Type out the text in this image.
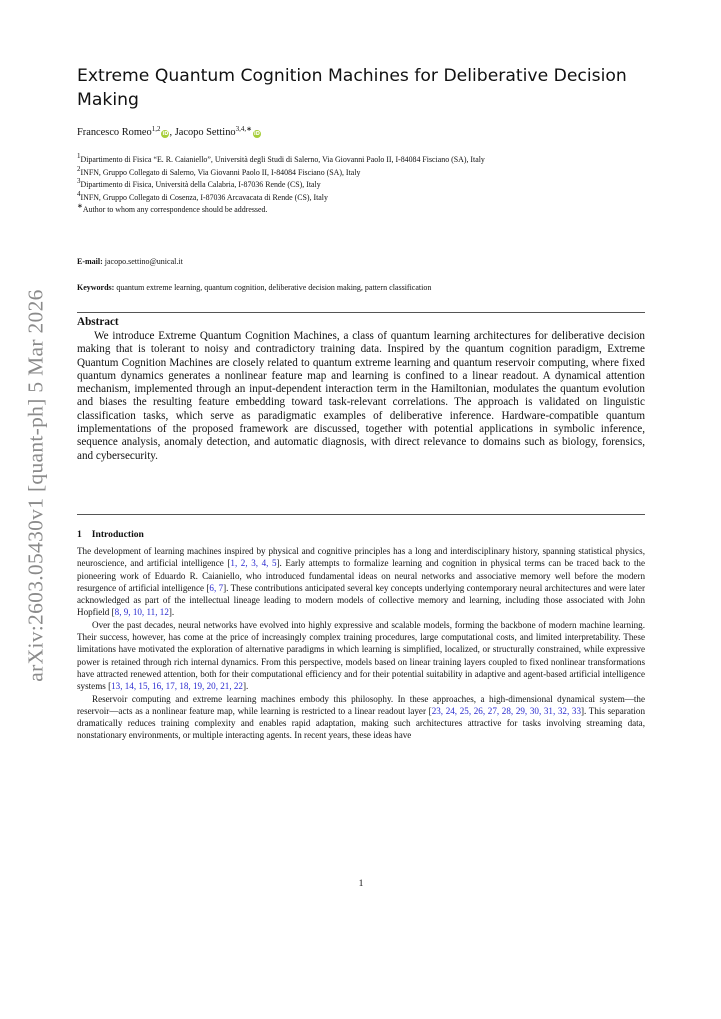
arXiv:2603.05430v1 [quant-ph] 5 Mar 2026
Extreme Quantum Cognition Machines for Deliberative Decision Making
Francesco Romeo$^{1,2}$iD, Jacopo Settino$^{3,4,∗}$iD
$^1$Dipartimento di Fisica “E. R. Caianiello”, Università degli Studi di Salerno, Via Giovanni Paolo II, I-84084 Fisciano (SA), Italy
$^2$INFN, Gruppo Collegato di Salerno, Via Giovanni Paolo II, I-84084 Fisciano (SA), Italy
$^3$Dipartimento di Fisica, Università della Calabria, I-87036 Rende (CS), Italy
$^4$INFN, Gruppo Collegato di Cosenza, I-87036 Arcavacata di Rende (CS), Italy
∗Author to whom any correspondence should be addressed.
E-mail: jacopo.settino@unical.it
Keywords: quantum extreme learning, quantum cognition, deliberative decision making, pattern classification
Abstract

We introduce Extreme Quantum Cognition Machines, a class of quantum learning architectures for deliberative decision making that is tolerant to noisy and contradictory training data. Inspired by the quantum cognition paradigm, Extreme Quantum Cognition Machines are closely related to quantum extreme learning and quantum reservoir computing, where fixed quantum dynamics generates a nonlinear feature map and learning is confined to a linear readout. A dynamical attention mechanism, implemented through an input-dependent interaction term in the Hamiltonian, modulates the quantum evolution and biases the resulting feature embedding toward task-relevant correlations. The approach is validated on linguistic classification tasks, which serve as paradigmatic examples of deliberative inference. Hardware-compatible quantum implementations of the proposed framework are discussed, together with potential applications in symbolic inference, sequence analysis, anomaly detection, and automatic diagnosis, with direct relevance to domains such as biology, forensics, and cybersecurity.

1 Introduction

The development of learning machines inspired by physical and cognitive principles has a long and interdisciplinary history, spanning statistical physics, neuroscience, and artificial intelligence [1, 2, 3, 4, 5]. Early attempts to formalize learning and cognition in physical terms can be traced back to the pioneering work of Eduardo R. Caianiello, who introduced fundamental ideas on neural networks and associative memory well before the modern resurgence of artificial intelligence [6, 7]. These contributions anticipated several key concepts underlying contemporary neural architectures and were later acknowledged as part of the intellectual lineage leading to modern models of collective memory and learning, including those associated with John Hopfield [8, 9, 10, 11, 12].

Over the past decades, neural networks have evolved into highly expressive and scalable models, forming the backbone of modern machine learning. Their success, however, has come at the price of increasingly complex training procedures, large computational costs, and limited interpretability. These limitations have motivated the exploration of alternative paradigms in which learning is simplified, localized, or structurally constrained, while expressive power is retained through rich internal dynamics. From this perspective, models based on linear training layers coupled to fixed nonlinear transformations have attracted renewed attention, both for their computational efficiency and for their potential suitability in adaptive and agent-based artificial intelligence systems [13, 14, 15, 16, 17, 18, 19, 20, 21, 22].

Reservoir computing and extreme learning machines embody this philosophy. In these approaches, a high-dimensional dynamical system—the reservoir—acts as a nonlinear feature map, while learning is restricted to a linear readout layer [23, 24, 25, 26, 27, 28, 29, 30, 31, 32, 33]. This separation dramatically reduces training complexity and enables rapid adaptation, making such architectures attractive for tasks involving streaming data, nonstationary environments, or multiple interacting agents. In recent years, these ideas have

1
